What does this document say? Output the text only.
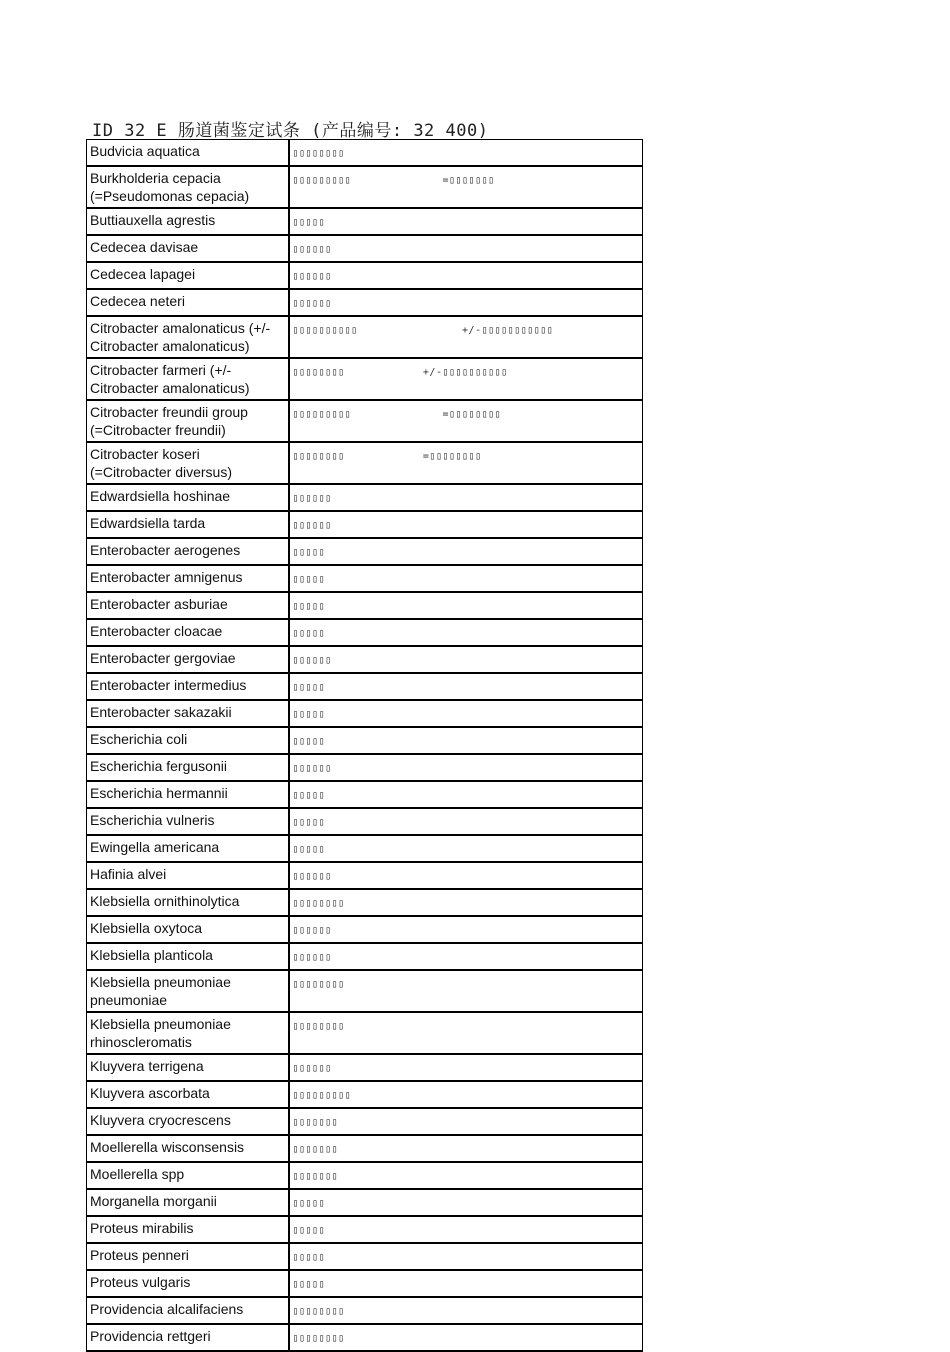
ID 32 E 肠道菌鉴定试条 (产品编号: 32 400)
Budvicia aquatica	▯▯▯▯▯▯▯▯
Burkholderia cepacia (=Pseudomonas cepacia)	▯▯▯▯▯▯▯▯▯              =▯▯▯▯▯▯▯
Buttiauxella agrestis	▯▯▯▯▯
Cedecea davisae	▯▯▯▯▯▯
Cedecea lapagei	▯▯▯▯▯▯
Cedecea neteri	▯▯▯▯▯▯
Citrobacter amalonaticus (+/- Citrobacter amalonaticus)	▯▯▯▯▯▯▯▯▯▯                +/-▯▯▯▯▯▯▯▯▯▯▯
Citrobacter farmeri (+/- Citrobacter amalonaticus)	▯▯▯▯▯▯▯▯            +/-▯▯▯▯▯▯▯▯▯▯
Citrobacter freundii group (=Citrobacter freundii)	▯▯▯▯▯▯▯▯▯              =▯▯▯▯▯▯▯▯
Citrobacter koseri (=Citrobacter diversus)	▯▯▯▯▯▯▯▯            =▯▯▯▯▯▯▯▯
Edwardsiella hoshinae	▯▯▯▯▯▯
Edwardsiella tarda	▯▯▯▯▯▯
Enterobacter aerogenes	▯▯▯▯▯
Enterobacter amnigenus	▯▯▯▯▯
Enterobacter asburiae	▯▯▯▯▯
Enterobacter cloacae	▯▯▯▯▯
Enterobacter gergoviae	▯▯▯▯▯▯
Enterobacter intermedius	▯▯▯▯▯
Enterobacter sakazakii	▯▯▯▯▯
Escherichia coli	▯▯▯▯▯
Escherichia fergusonii	▯▯▯▯▯▯
Escherichia hermannii	▯▯▯▯▯
Escherichia vulneris	▯▯▯▯▯
Ewingella americana	▯▯▯▯▯
Hafinia alvei	▯▯▯▯▯▯
Klebsiella ornithinolytica	▯▯▯▯▯▯▯▯
Klebsiella oxytoca	▯▯▯▯▯▯
Klebsiella planticola	▯▯▯▯▯▯
Klebsiella pneumoniae pneumoniae	▯▯▯▯▯▯▯▯
Klebsiella pneumoniae rhinoscleromatis	▯▯▯▯▯▯▯▯
Kluyvera terrigena	▯▯▯▯▯▯
Kluyvera ascorbata	▯▯▯▯▯▯▯▯▯
Kluyvera cryocrescens	▯▯▯▯▯▯▯
Moellerella wisconsensis	▯▯▯▯▯▯▯
Moellerella spp	▯▯▯▯▯▯▯
Morganella morganii	▯▯▯▯▯
Proteus mirabilis	▯▯▯▯▯
Proteus penneri	▯▯▯▯▯
Proteus vulgaris	▯▯▯▯▯
Providencia alcalifaciens	▯▯▯▯▯▯▯▯
Providencia rettgeri	▯▯▯▯▯▯▯▯
